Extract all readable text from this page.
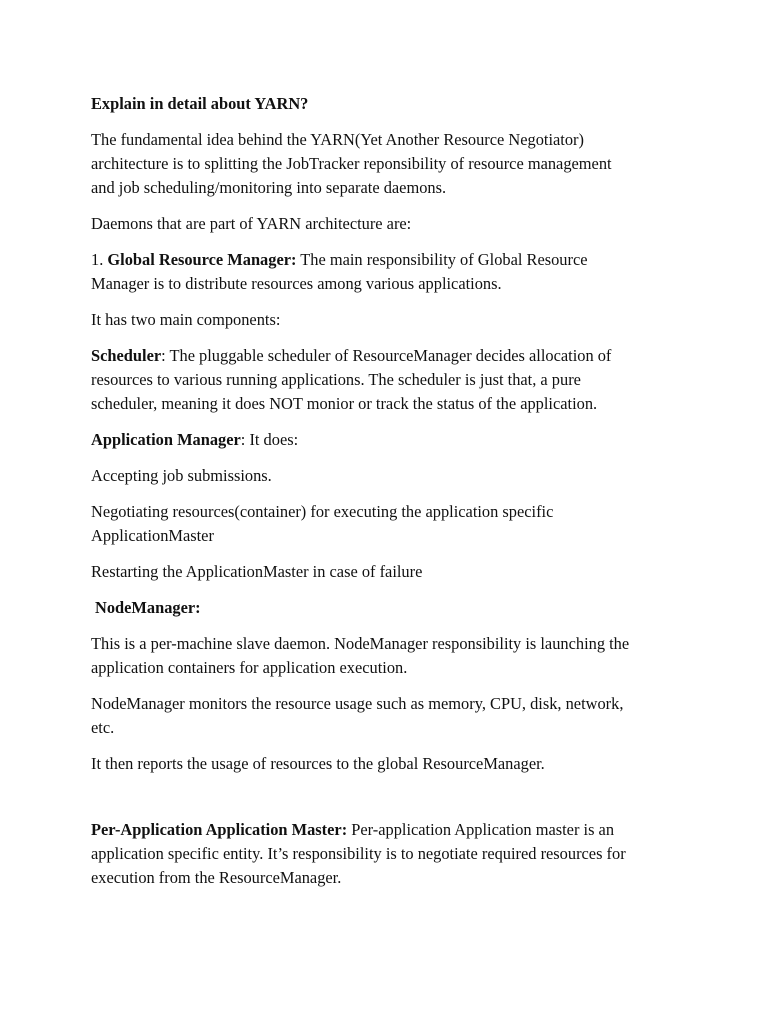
Explain in detail about YARN?

The fundamental idea behind the YARN(Yet Another Resource Negotiator)
architecture is to splitting the JobTracker reponsibility of resource management
and job scheduling/monitoring into separate daemons.

Daemons that are part of YARN architecture are:

1. Global Resource Manager: The main responsibility of Global Resource
Manager is to distribute resources among various applications.

It has two main components:

Scheduler: The pluggable scheduler of ResourceManager decides allocation of
resources to various running applications. The scheduler is just that, a pure
scheduler, meaning it does NOT monior or track the status of the application.

Application Manager: It does:

Accepting job submissions.

Negotiating resources(container) for executing the application specific
ApplicationMaster

Restarting the ApplicationMaster in case of failure

NodeManager:

This is a per-machine slave daemon. NodeManager responsibility is launching the
application containers for application execution.

NodeManager monitors the resource usage such as memory, CPU, disk, network,
etc.

It then reports the usage of resources to the global ResourceManager.

Per-Application Application Master: Per-application Application master is an
application specific entity. It’s responsibility is to negotiate required resources for
execution from the ResourceManager.
